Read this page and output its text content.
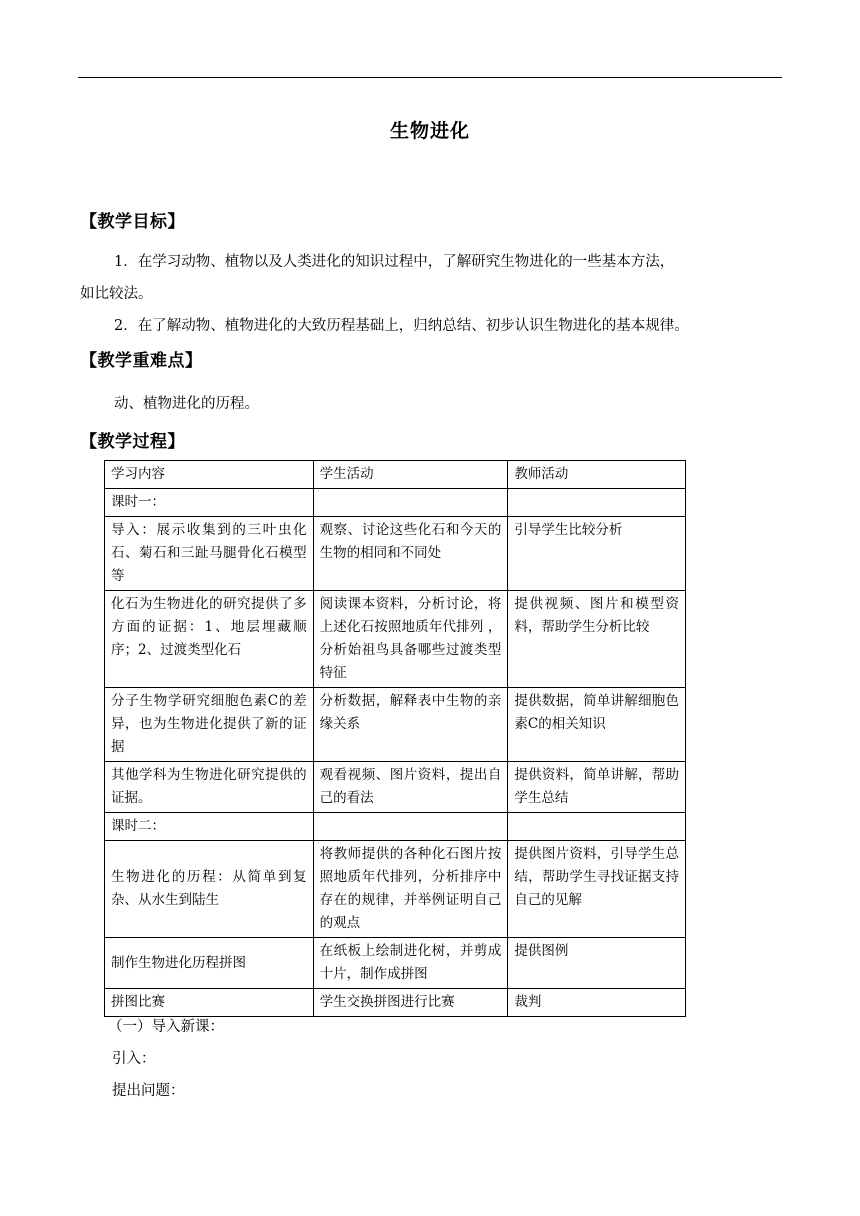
生物进化
【教学目标】
1．在学习动物、植物以及人类进化的知识过程中，了解研究生物进化的一些基本方法，
如比较法。
2．在了解动物、植物进化的大致历程基础上，归纳总结、初步认识生物进化的基本规律。
【教学重难点】
动、植物进化的历程。
【教学过程】
学习内容	学生活动	教师活动
课时一：		
导入：展示收集到的三叶虫化石、菊石和三趾马腿骨化石模型等	观察、讨论这些化石和今天的生物的相同和不同处	引导学生比较分析
化石为生物进化的研究提供了多方面的证据：1、地层埋藏顺序；2、过渡类型化石	阅读课本资料，分析讨论，将上述化石按照地质年代排列 ，分析始祖鸟具备哪些过渡类型特征	提供视频、图片和模型资料，帮助学生分析比较
分子生物学研究细胞色素C的差异，也为生物进化提供了新的证据	分析数据，解释表中生物的亲缘关系	提供数据，简单讲解细胞色素C的相关知识
其他学科为生物进化研究提供的证据。	观看视频、图片资料，提出自己的看法	提供资料，简单讲解，帮助学生总结
课时二：		
生物进化的历程：从简单到复杂、从水生到陆生	将教师提供的各种化石图片按照地质年代排列，分析排序中存在的规律，并举例证明自己的观点	提供图片资料，引导学生总结，帮助学生寻找证据支持自己的见解
制作生物进化历程拼图	在纸板上绘制进化树，并剪成十片，制作成拼图	提供图例
拼图比赛	学生交换拼图进行比赛	裁判
（一）导入新课：
引入：
提出问题：
